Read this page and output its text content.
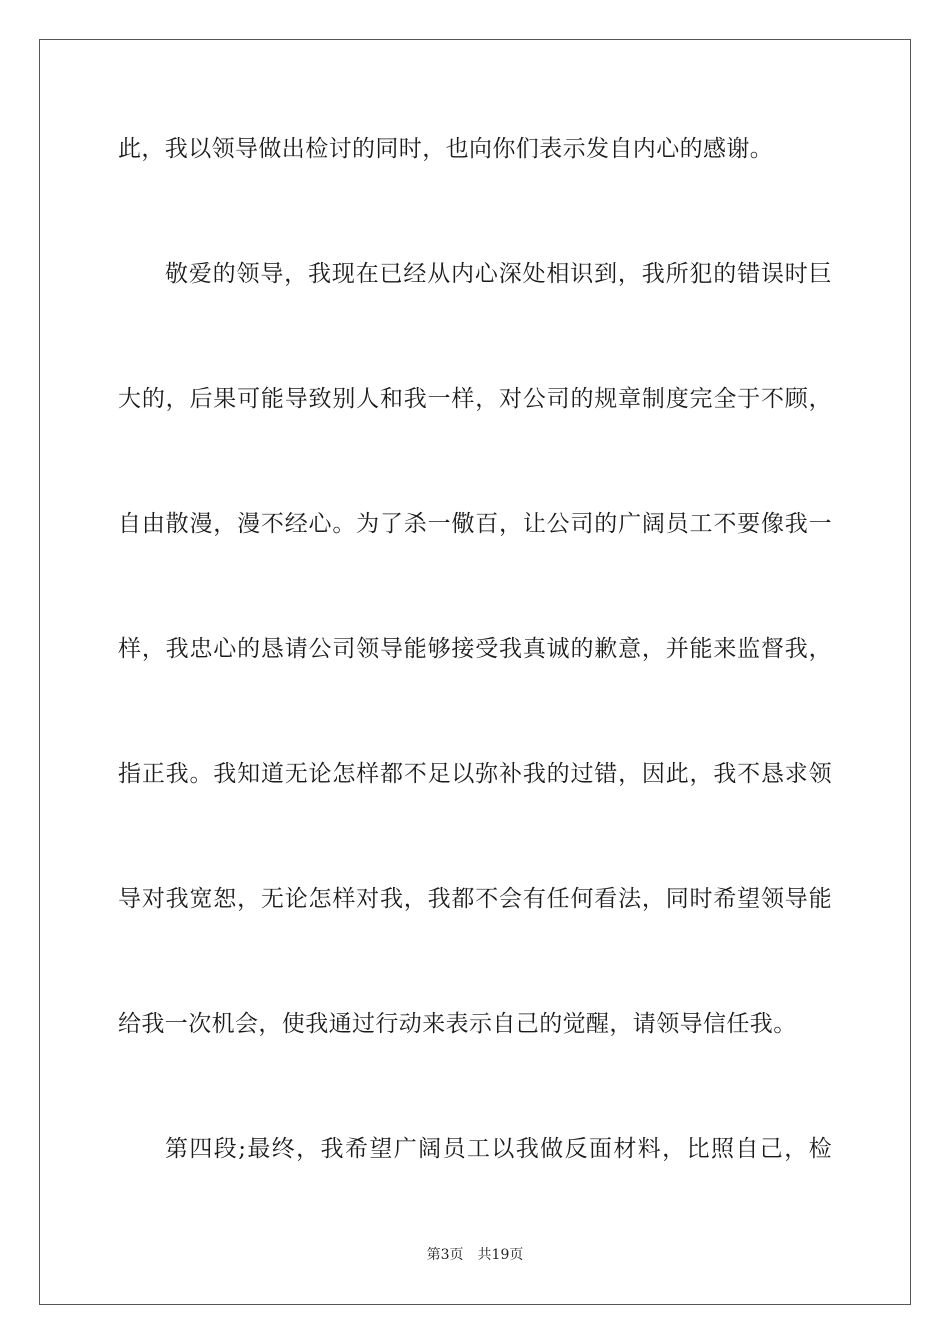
此，我以领导做出检讨的同时，也向你们表示发自内心的感谢。
敬爱的领导，我现在已经从内心深处相识到，我所犯的错误时巨
大的，后果可能导致别人和我一样，对公司的规章制度完全于不顾，
自由散漫，漫不经心。为了杀一儆百，让公司的广阔员工不要像我一
样，我忠心的恳请公司领导能够接受我真诚的歉意，并能来监督我，
指正我。我知道无论怎样都不足以弥补我的过错，因此，我不恳求领
导对我宽恕，无论怎样对我，我都不会有任何看法，同时希望领导能
给我一次机会，使我通过行动来表示自己的觉醒，请领导信任我。
第四段;最终，我希望广阔员工以我做反面材料，比照自己，检
第3页　共19页
